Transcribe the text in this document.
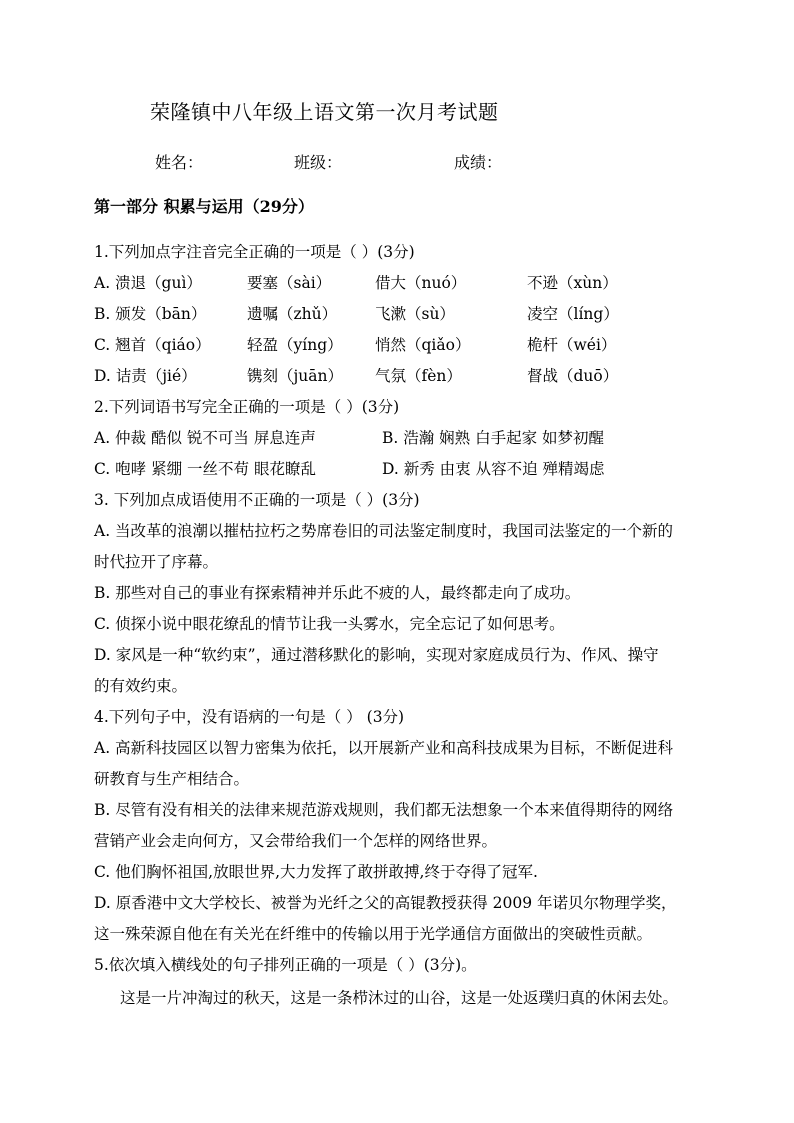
荣隆镇中八年级上语文第一次月考试题
姓名：	班级：	成绩：
第一部分 积累与运用（29分）
1.下列加点字注音完全正确的一项是（ ）(3分)
A. 溃退（guì）	要塞（sài）	借大（nuó）	不逊（xùn）
B. 颁发（bān）	遗嘱（zhǔ） 飞漱（sù）	凌空（líng）
C. 翘首（qiáo） 轻盈（yíng） 悄然（qiǎo）	桅杆（wéi）
D. 诘责（jié）	镌刻（juān） 气氛（fèn）	督战（duō）
2.下列词语书写完全正确的一项是（ ）(3分)
A. 仲裁 酷似 锐不可当 屏息连声	B. 浩瀚 娴熟 白手起家 如梦初醒
C. 咆哮 紧绷 一丝不苟 眼花瞭乱	D. 新秀 由衷 从容不迫 殚精竭虑
3. 下列加点成语使用不正确的一项是（ ）(3分)
A. 当改革的浪潮以摧枯拉朽之势席卷旧的司法鉴定制度时，我国司法鉴定的一个新的
时代拉开了序幕。
B. 那些对自己的事业有探索精神并乐此不疲的人，最终都走向了成功。
C. 侦探小说中眼花缭乱的情节让我一头雾水，完全忘记了如何思考。
D. 家风是一种“软约束”，通过潜移默化的影响，实现对家庭成员行为、作风、操守
的有效约束。
4.下列句子中，没有语病的一句是（ ） (3分)
A. 高新科技园区以智力密集为依托，以开展新产业和高科技成果为目标，不断促进科
研教育与生产相结合。
B. 尽管有没有相关的法律来规范游戏规则，我们都无法想象一个本来值得期待的网络
营销产业会走向何方，又会带给我们一个怎样的网络世界。
C. 他们胸怀祖国,放眼世界,大力发挥了敢拼敢搏,终于夺得了冠军.
D. 原香港中文大学校长、被誉为光纤之父的高锟教授获得 2009 年诺贝尔物理学奖，
这一殊荣源自他在有关光在纤维中的传输以用于光学通信方面做出的突破性贡献。
5.依次填入横线处的句子排列正确的一项是（ ）(3分)。
这是一片冲淘过的秋天，这是一条栉沐过的山谷，这是一处返璞归真的休闲去处。
